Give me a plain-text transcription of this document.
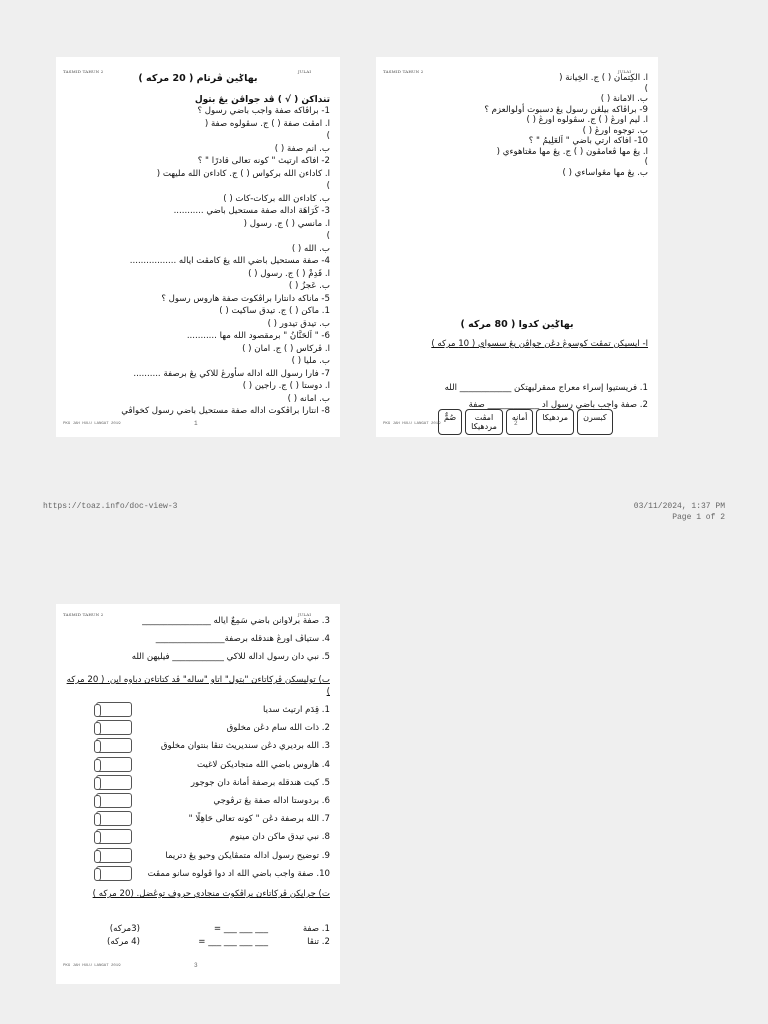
TASMID TAHUN 2	JULAI
بهاݢين ڤرتام ( 20 مركه )
تنداکن ( √ ) ڤد جواڤن يڠ بتول
1- براڤاکه صفة واجب باضي رسول ؟
ا. امڤت صفة ( ) ج. سڤولوه صفة (
)
ب. انم صفة ( )
2- افاکه ارتيث " كونه تعالى قادرًا " ؟
ا. کاداءن الله برکواس ( ) ج. کاداءن الله مليهت (
)
ب. کاداءن الله برکات-کات ( )
3- کَرَاهَة اداله صفة مستحيل باضي ...........
ا. مانسي ( ) ج. رسول (
)
ب. الله ( )
4- صفة مستحيل باضي الله يڠ کامڤت اياله .................
ا. قَدِمْ ( ) ج. رسول ( )
ب. عَجزُ ( )
5- ماناکه دانتارا براڤکوت صفة هاروس رسول ؟
1. ماکن ( ) ج. تيدق ساکيت ( )
ب. تيدق تيدور ( )
6- " اَلحَنَّانُ " برمقصود الله مها ...........
ا. ڤرکاس ( ) ج. امان ( )
ب. مليا ( )
7- فارا رسول الله اداله سأورڠ للاکي يڠ برصفة ..........
ا. دوستا ( ) ج. راجين ( )
ب. امانه ( )
8- انتارا براڤکوت اداله صفة مستحيل باضي رسول کخواڤي
PKG JAH HULU LANGAT 2019	1
TASMID TAHUN 2	JULAI
ا. الکِتمان ( ) ج. الخِيانة (
)
ب. الامانة ( )
9- براڤاکه بيلڠن رسول يڠ دسبوت أولوالعزم ؟
ا. ليم اورڠ ( ) ج. سڤولوه اورڠ ( )
ب. توجوه اورڠ ( )
10- افاکه ارتي باضي " اَلعَلِيمُ " ؟
ا. يڠ مها ڤعامڤون ( ) ج. يڠ مها مڠتاهوءي (
)
ب. يڠ مها مڠواساءي ( )
بهاݢين کدوا ( 80 مركه )
ا- ايسيکن تمڤت کوسوڠ دڠن جواڤن يڠ سسواي ( 10 مركه )
کبسرن
مردهيکا
أمانه
امڤت
مردهيکا
صُمٌّ
1. فريستيوا إسراء معراج ممقرليهتکن ____________ الله
2. صفة واجب باضي رسول اد ____________ صفة
PKG JAH HULU LANGAT 2019	2
https://toaz.info/doc-view-3	03/11/2024, 1:37 PM
Page 1 of 2
TASMID TAHUN 2	JULAI
3. صفة برلاوانن باضي سَمِعٌ اياله ________________
4. ستياڤ اورڠ هندقله برصفة________________
5. نبي دان رسول اداله للاکي ____________ فيليهن الله
ب) توليسکن ڤرکاتاءن "بتول" اتاو "ساله" ڤد کتاتاءن دباوه اين. ( 20 مركه )
1. قِدَم ارتيث سديا
2. ذات الله سام دڠن مخلوق
3. الله برديري دڠن سنديريث تنڤا بنتوان مخلوق
4. هاروس باضي الله منجاديکن لاغيت
5. کيت هندقله برصفة أمانة دان جوجور
6. بردوستا اداله صفة يڠ ترڤوجي
7. الله برصفة دڠن " كونه تعالى حَاهِلًا "
8. نبي تيدق ماکن دان مينوم
9. توضيح رسول اداله متمڤايکن وحيو يڠ دتريما
10. صفة واجب باضي الله اد دوا ڤولوه سانو ممڤت
ت) جرايکن ڤرکاتاءن براڤکوت منجادي حروف توڠضل. (20 مركه )
1. صفة
___ ___ ___ =
(3مركه)
2. تنڤا
___ ___ ___ ___ =
(4 مركه)
PKG JAH HULU LANGAT 2019	3
